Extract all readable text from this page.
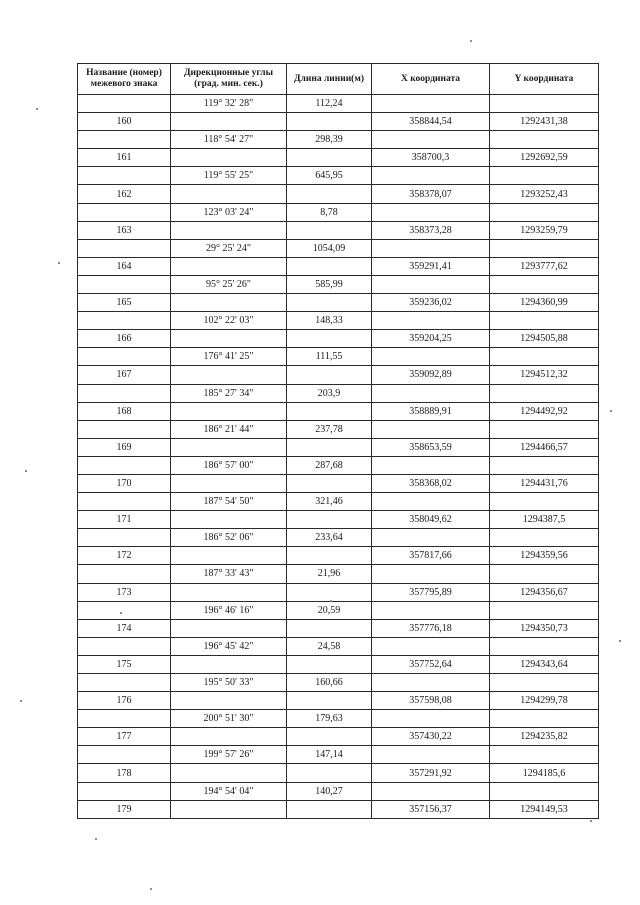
Название (номер) межевого знака	Дирекционные углы (град. мин. сек.)	Длина линии(м)	X координата	Y координата
	119° 32' 28"	112,24		
160			358844,54	1292431,38
	118° 54' 27"	298,39		
161			358700,3	1292692,59
	119° 55' 25"	645,95		
162			358378,07	1293252,43
	123° 03' 24"	8,78		
163			358373,28	1293259,79
	29° 25' 24"	1054,09		
164			359291,41	1293777,62
	95° 25' 26"	585,99		
165			359236,02	1294360,99
	102° 22' 03"	148,33		
166			359204,25	1294505,88
	176° 41' 25"	111,55		
167			359092,89	1294512,32
	185° 27' 34"	203,9		
168			358889,91	1294492,92
	186° 21' 44"	237,78		
169			358653,59	1294466,57
	186° 57' 00"	287,68		
170			358368,02	1294431,76
	187° 54' 50"	321,46		
171			358049,62	1294387,5
	186° 52' 06"	233,64		
172			357817,66	1294359,56
	187° 33' 43"	21,96		
173			357795,89	1294356,67
	196° 46' 16"	20,59		
174			357776,18	1294350,73
	196° 45' 42"	24,58		
175			357752,64	1294343,64
	195° 50' 33"	160,66		
176			357598,08	1294299,78
	200° 51' 30"	179,63		
177			357430,22	1294235,82
	199° 57' 26"	147,14		
178			357291,92	1294185,6
	194° 54' 04"	140,27		
179			357156,37	1294149,53
